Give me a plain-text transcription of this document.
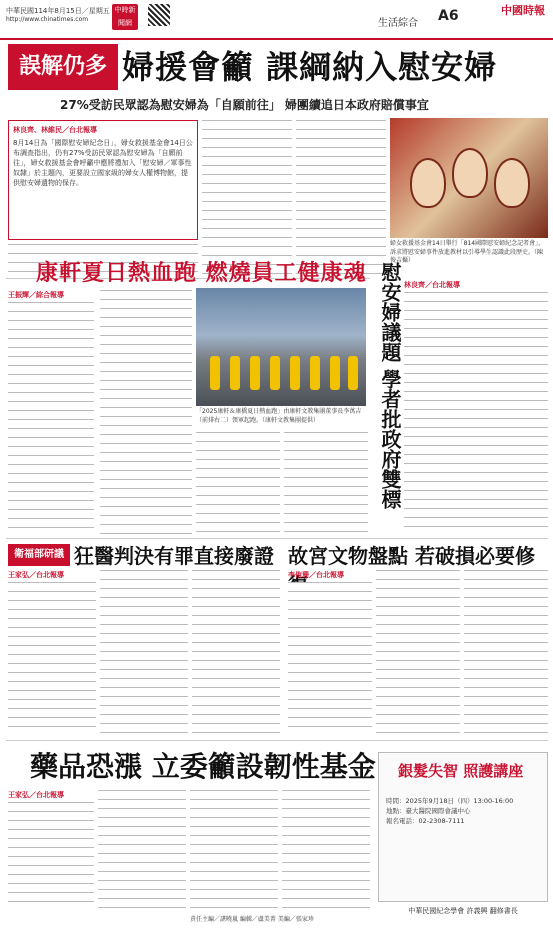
中華民國114年8月15日／星期五
http://www.chinatimes.com
中時新聞網	生活綜合 A6	中國時報
誤解仍多 婦援會籲 課綱納入慰安婦
27%受訪民眾認為慰安婦為「自願前往」 婦團續追日本政府賠償事宜
林良齊、林維民／台北報導
8月14日為「國際慰安婦紀念日」，婦女救援基金會14日公布調查指出，仍有27%受訪民眾認為慰安婦為「自願前往」，婦女救援基金會呼籲中應將禮加入「慰安婦／軍事性奴隸」於主題內，更要設立國家級的婦女人權博物館，提供慰安婦遺物的保存。
婦女救援基金會14日舉行「814國際慰安婦紀念記者會」，訴求將慰安婦事件放進教材以引導學生認識此段歷史。（陳俊吉攝）
康軒夏日熱血跑 燃燒員工健康魂
王振輝／綜合報導
「2025康軒＆康橋夏日熱血跑」由康軒文教集團董事長李萬吉（前排右二）領軍起跑。（康軒文教集團提供）	慰安婦議題 學者批政府雙標 林良齊／台北報導
衛福部研議 狂醫判決有罪直接廢證
王家弘／台北報導
故宮文物盤點 若破損必要修
李侑珊／台北報導
藥品恐漲 立委籲設韌性基金
王家弘／台北報導
銀髮失智 照護講座
時間：2025年9月18日（四）13:00-16:00
地點：臺大醫院國際會議中心
報名電話：02-2308-7111
中華民國紀念學會 許義興 翻修書長
責任主編／諶曉嵐 編輯／盧美菁 美編／張家珍
